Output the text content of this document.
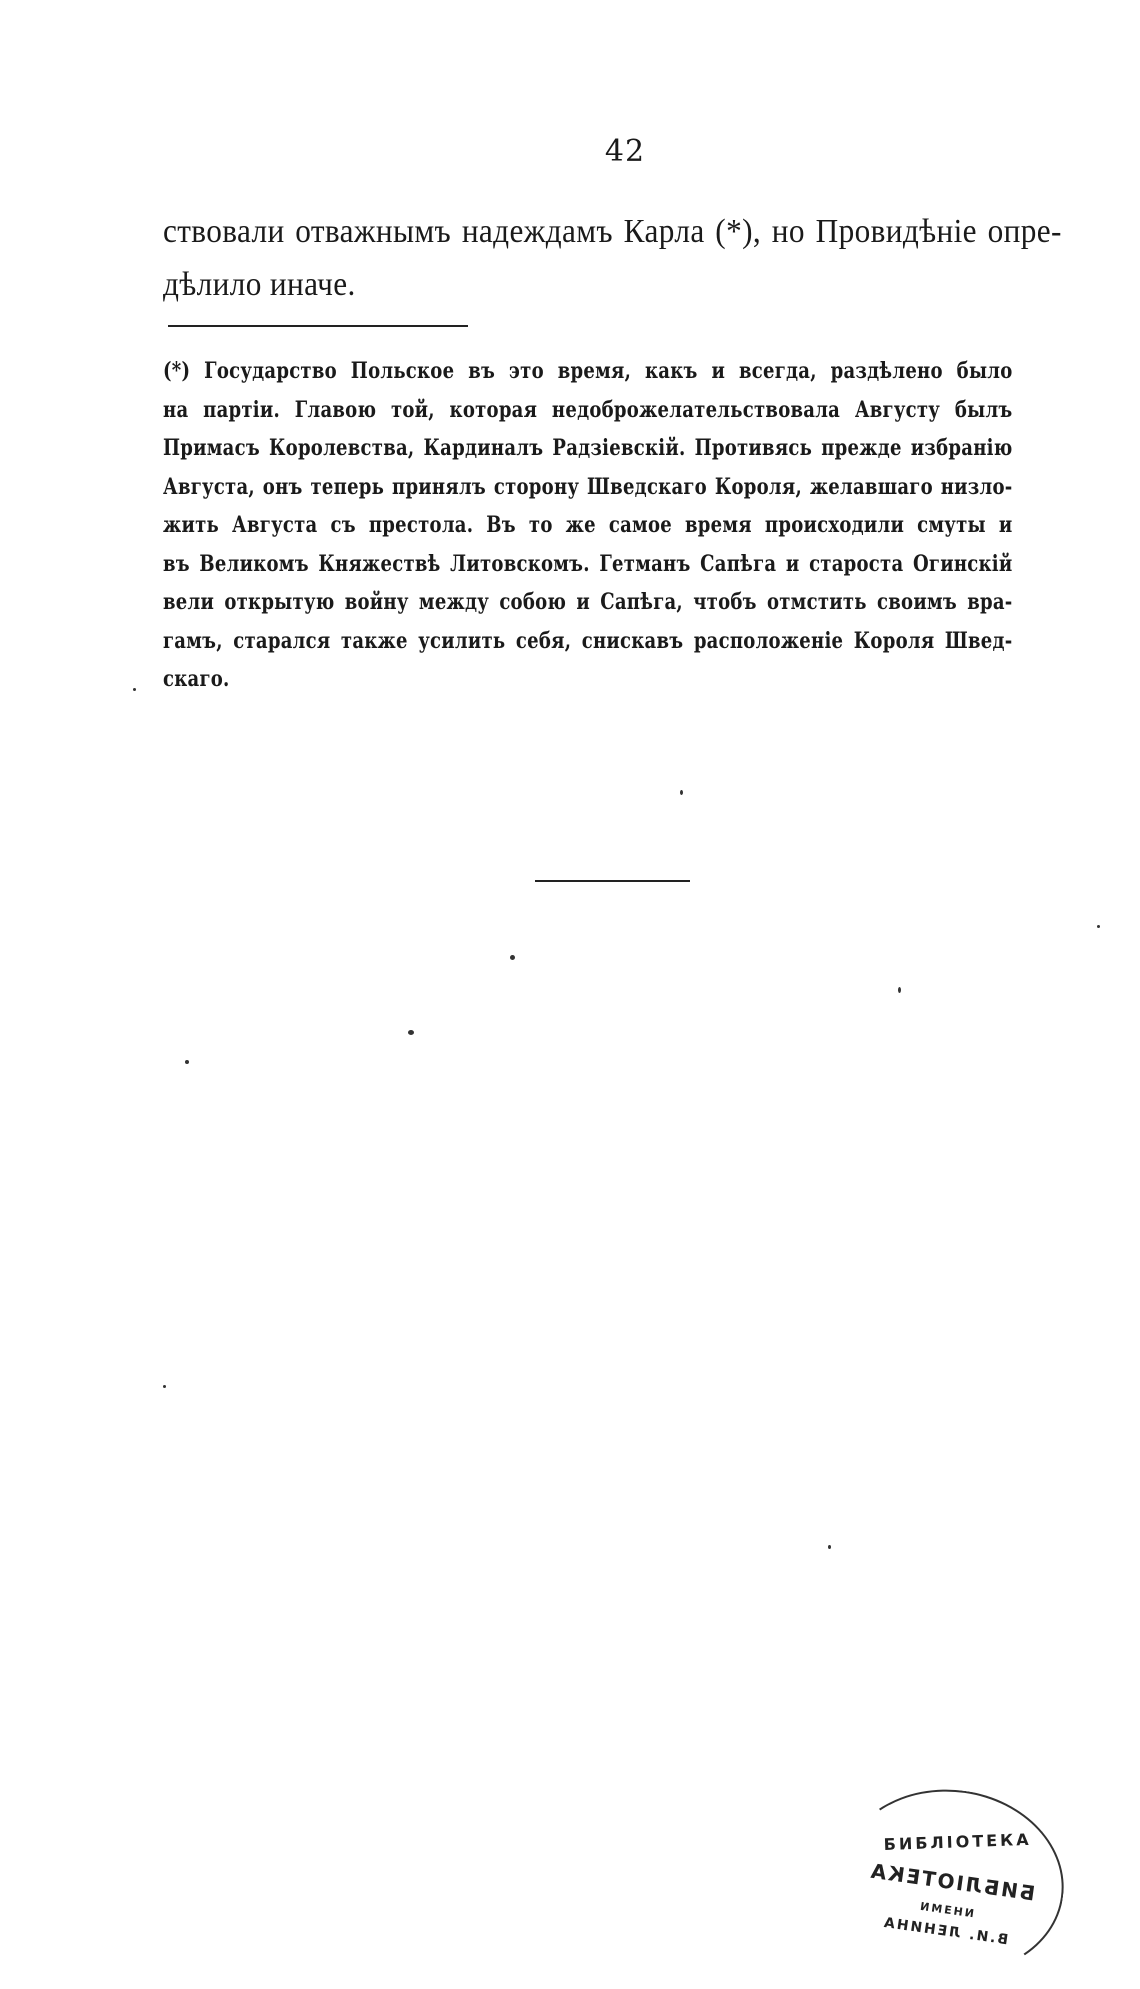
42
ствовали отважнымъ надеждамъ Карла (*), но Провидѣніе опре-
дѣлило иначе.
(*) Государство Польское въ это время, какъ и всегда, раздѣлено было
на партіи. Главою той, которая недоброжелательствовала Августу былъ
Примасъ Королевства, Кардиналъ Радзіевскій. Противясь прежде избранію
Августа, онъ теперь принялъ сторону Шведскаго Короля, желавшаго низло-
жить Августа съ престола. Въ то же самое время происходили смуты и
въ Великомъ Княжествѣ Литовскомъ. Гетманъ Сапѣга и староста Огинскій
вели открытую войну между собою и Сапѣга, чтобъ отмстить своимъ вра-
гамъ, старался также усилить себя, снискавъ расположеніе Короля Швед-
скаго.
БИБЛІОТЕКА
БИБЛІОТЕКА
ИМЕНИ
В.И. ЛЕНИНА
